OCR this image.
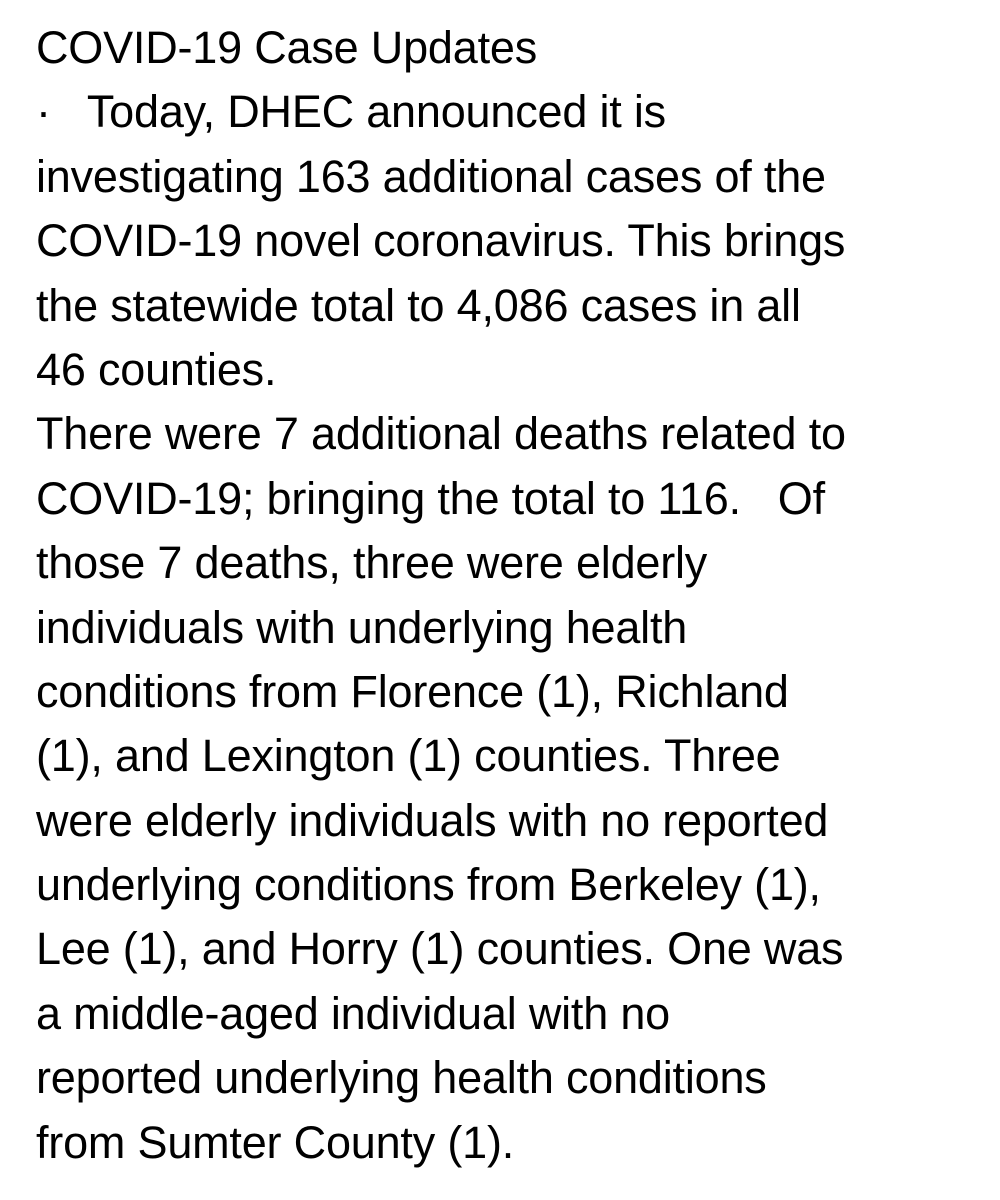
COVID-19 Case Updates
·   Today, DHEC announced it is
investigating 163 additional cases of the
COVID-19 novel coronavirus. This brings
the statewide total to 4,086 cases in all
46 counties.
There were 7 additional deaths related to
COVID-19; bringing the total to 116.   Of
those 7 deaths, three were elderly
individuals with underlying health
conditions from Florence (1), Richland
(1), and Lexington (1) counties. Three
were elderly individuals with no reported
underlying conditions from Berkeley (1),
Lee (1), and Horry (1) counties. One was
a middle-aged individual with no
reported underlying health conditions
from Sumter County (1).
